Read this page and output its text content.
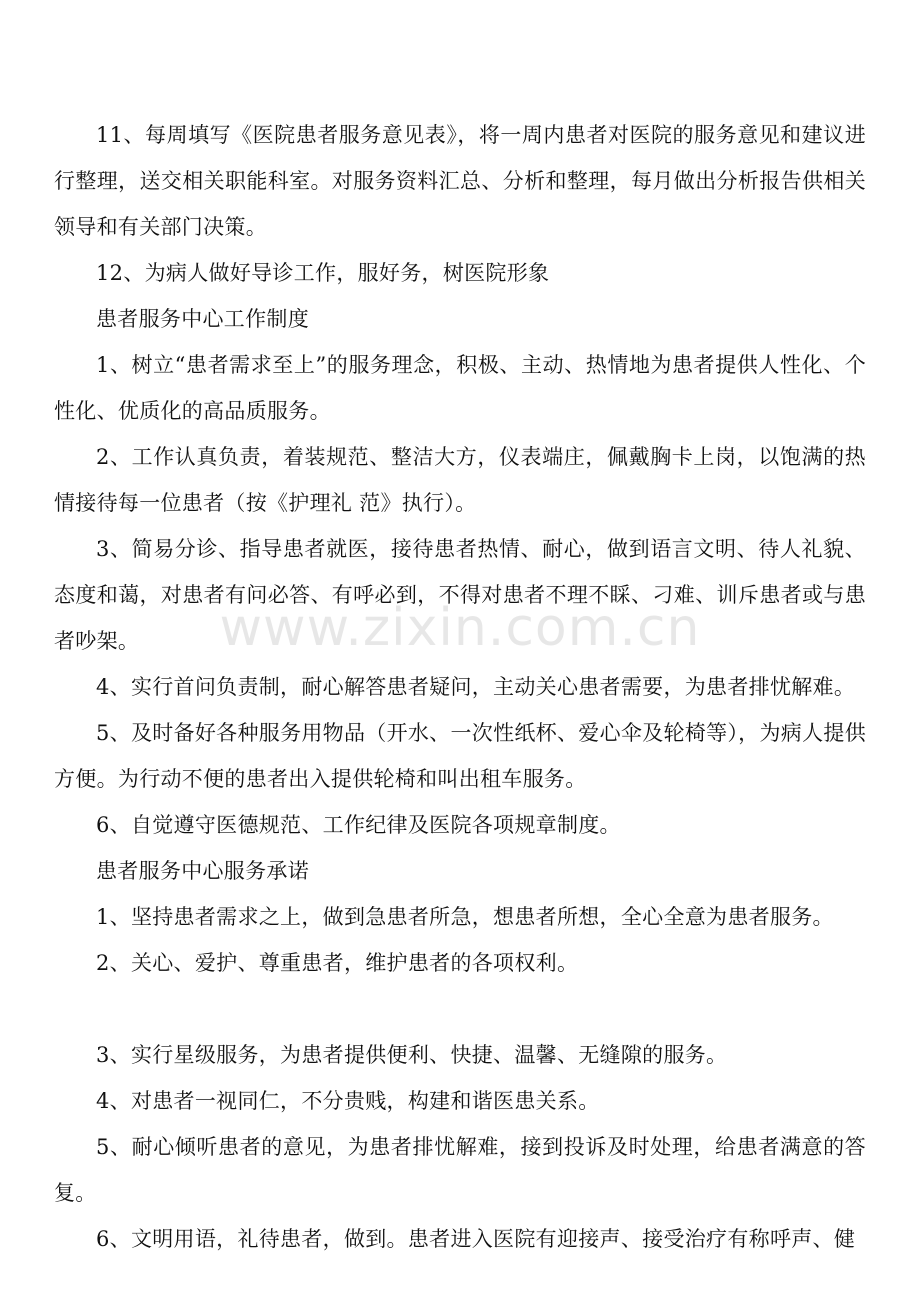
11、每周填写《医院患者服务意见表》，将一周内患者对医院的服务意见和建议进行整理，送交相关职能科室。对服务资料汇总、分析和整理，每月做出分析报告供相关领导和有关部门决策。

12、为病人做好导诊工作，服好务，树医院形象

患者服务中心工作制度

1、树立“患者需求至上”的服务理念，积极、主动、热情地为患者提供人性化、个性化、优质化的高品质服务。

2、工作认真负责，着装规范、整洁大方，仪表端庄，佩戴胸卡上岗，以饱满的热情接待每一位患者（按《护理礼 范》执行）。

3、简易分诊、指导患者就医，接待患者热情、耐心，做到语言文明、待人礼貌、态度和蔼，对患者有问必答、有呼必到，不得对患者不理不睬、刁难、训斥患者或与患者吵架。

4、实行首问负责制，耐心解答患者疑问，主动关心患者需要，为患者排忧解难。

5、及时备好各种服务用物品（开水、一次性纸杯、爱心伞及轮椅等），为病人提供方便。为行动不便的患者出入提供轮椅和叫出租车服务。

6、自觉遵守医德规范、工作纪律及医院各项规章制度。

患者服务中心服务承诺

1、坚持患者需求之上，做到急患者所急，想患者所想，全心全意为患者服务。

2、关心、爱护、尊重患者，维护患者的各项权利。

3、实行星级服务，为患者提供便利、快捷、温馨、无缝隙的服务。

4、对患者一视同仁，不分贵贱，构建和谐医患关系。

5、耐心倾听患者的意见，为患者排忧解难，接到投诉及时处理，给患者满意的答复。

6、文明用语，礼待患者，做到。患者进入医院有迎接声、接受治疗有称呼声、健

www.zixin.com.cn
